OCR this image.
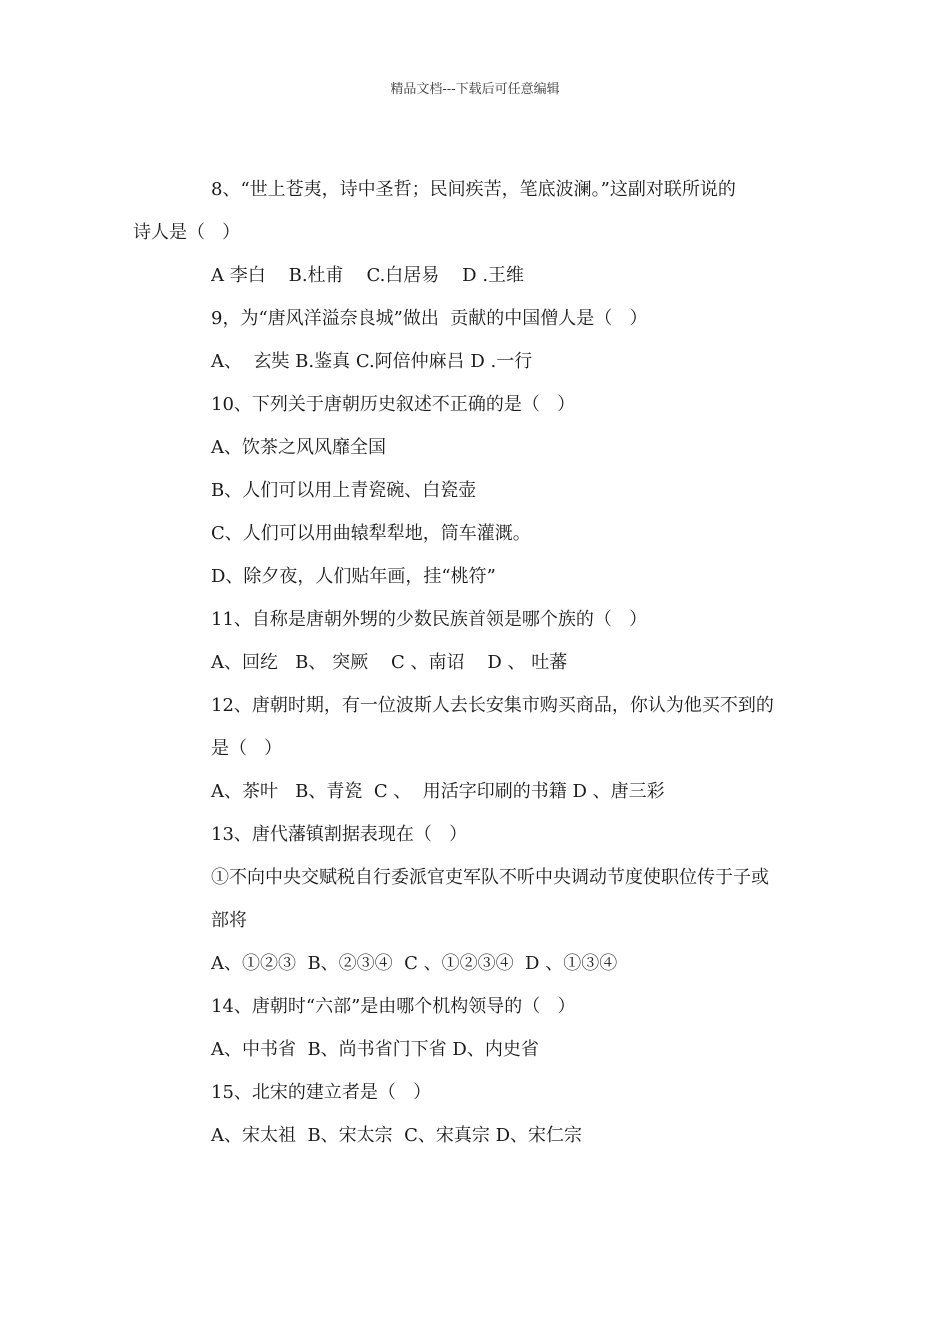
精品文档---下载后可任意编辑
8、“世上苍夷，诗中圣哲；民间疾苦，笔底波澜。”这副对联所说的
诗人是（   ）
A 李白    B.杜甫    C.白居易    D .王维
9，为“唐风洋溢奈良城”做出  贡献的中国僧人是（   ）
A、  玄奘 B.鉴真 C.阿倍仲麻吕 D .一行
10、下列关于唐朝历史叙述不正确的是（   ）
A、饮茶之风风靡全国
B、人们可以用上青瓷碗、白瓷壶
C、人们可以用曲辕犁犁地，筒车灌溉。
D、除夕夜，人们贴年画，挂“桃符”
11、自称是唐朝外甥的少数民族首领是哪个族的（   ）
A、回纥   B、 突厥    C 、南诏    D 、 吐蕃
12、唐朝时期，有一位波斯人去长安集市购买商品，你认为他买不到的
是（   ）
A、茶叶   B、青瓷  C 、  用活字印刷的书籍 D 、唐三彩
13、唐代藩镇割据表现在（   ）
①不向中央交赋税自行委派官吏军队不听中央调动节度使职位传于子或
部将
A、①②③  B、②③④  C 、①②③④  D 、①③④
14、唐朝时“六部”是由哪个机构领导的（   ）
A、中书省  B、尚书省门下省 D、内史省
15、北宋的建立者是（   ）
A、宋太祖  B、宋太宗  C、宋真宗 D、宋仁宗
